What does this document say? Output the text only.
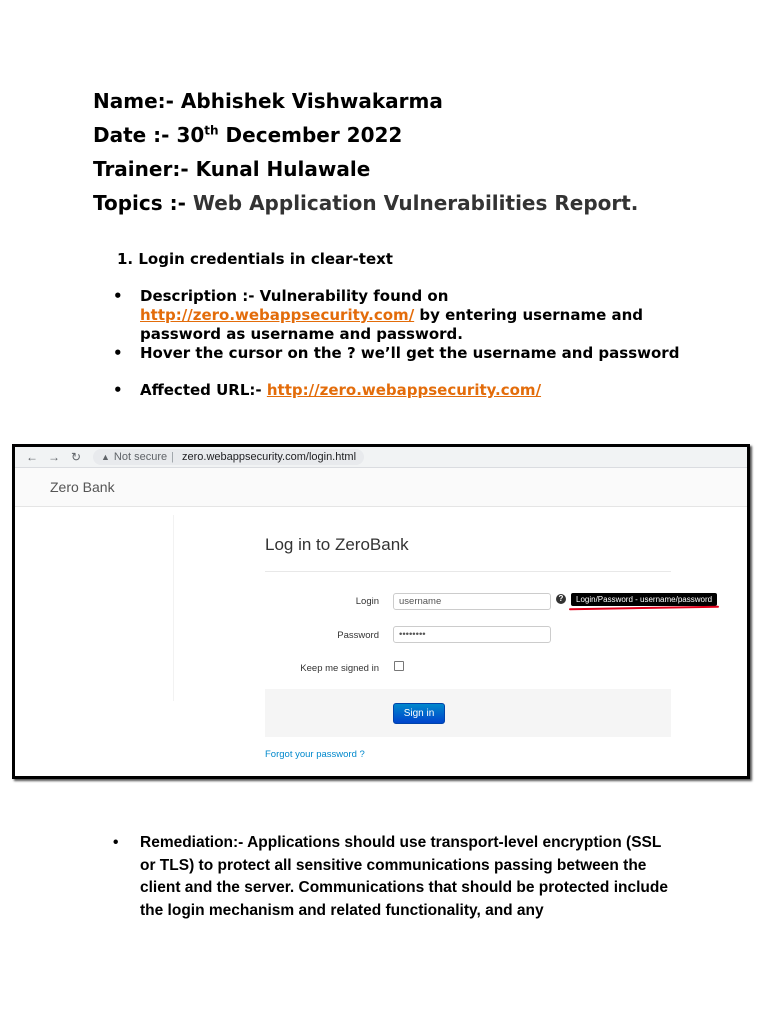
Name:- Abhishek Vishwakarma
Date :- 30th December 2022
Trainer:- Kunal Hulawale
Topics :- Web Application Vulnerabilities Report.
1. Login credentials in clear-text
• Description :- Vulnerability found on
http://zero.webappsecurity.com/ by entering username and password as username and password.
• Hover the cursor on the ? we’ll get the username and password
• Affected URL:- http://zero.webappsecurity.com/
← → ↻	▲ Not secure | zero.webappsecurity.com/login.html
Zero Bank
Log in to ZeroBank
Login	username	?	Login/Password - username/password
Password	••••••••
Keep me signed in
Sign in
Forgot your password ?
• Remediation:- Applications should use transport-level encryption (SSL or TLS) to protect all sensitive communications passing between the client and the server. Communications that should be protected include the login mechanism and related functionality, and any
